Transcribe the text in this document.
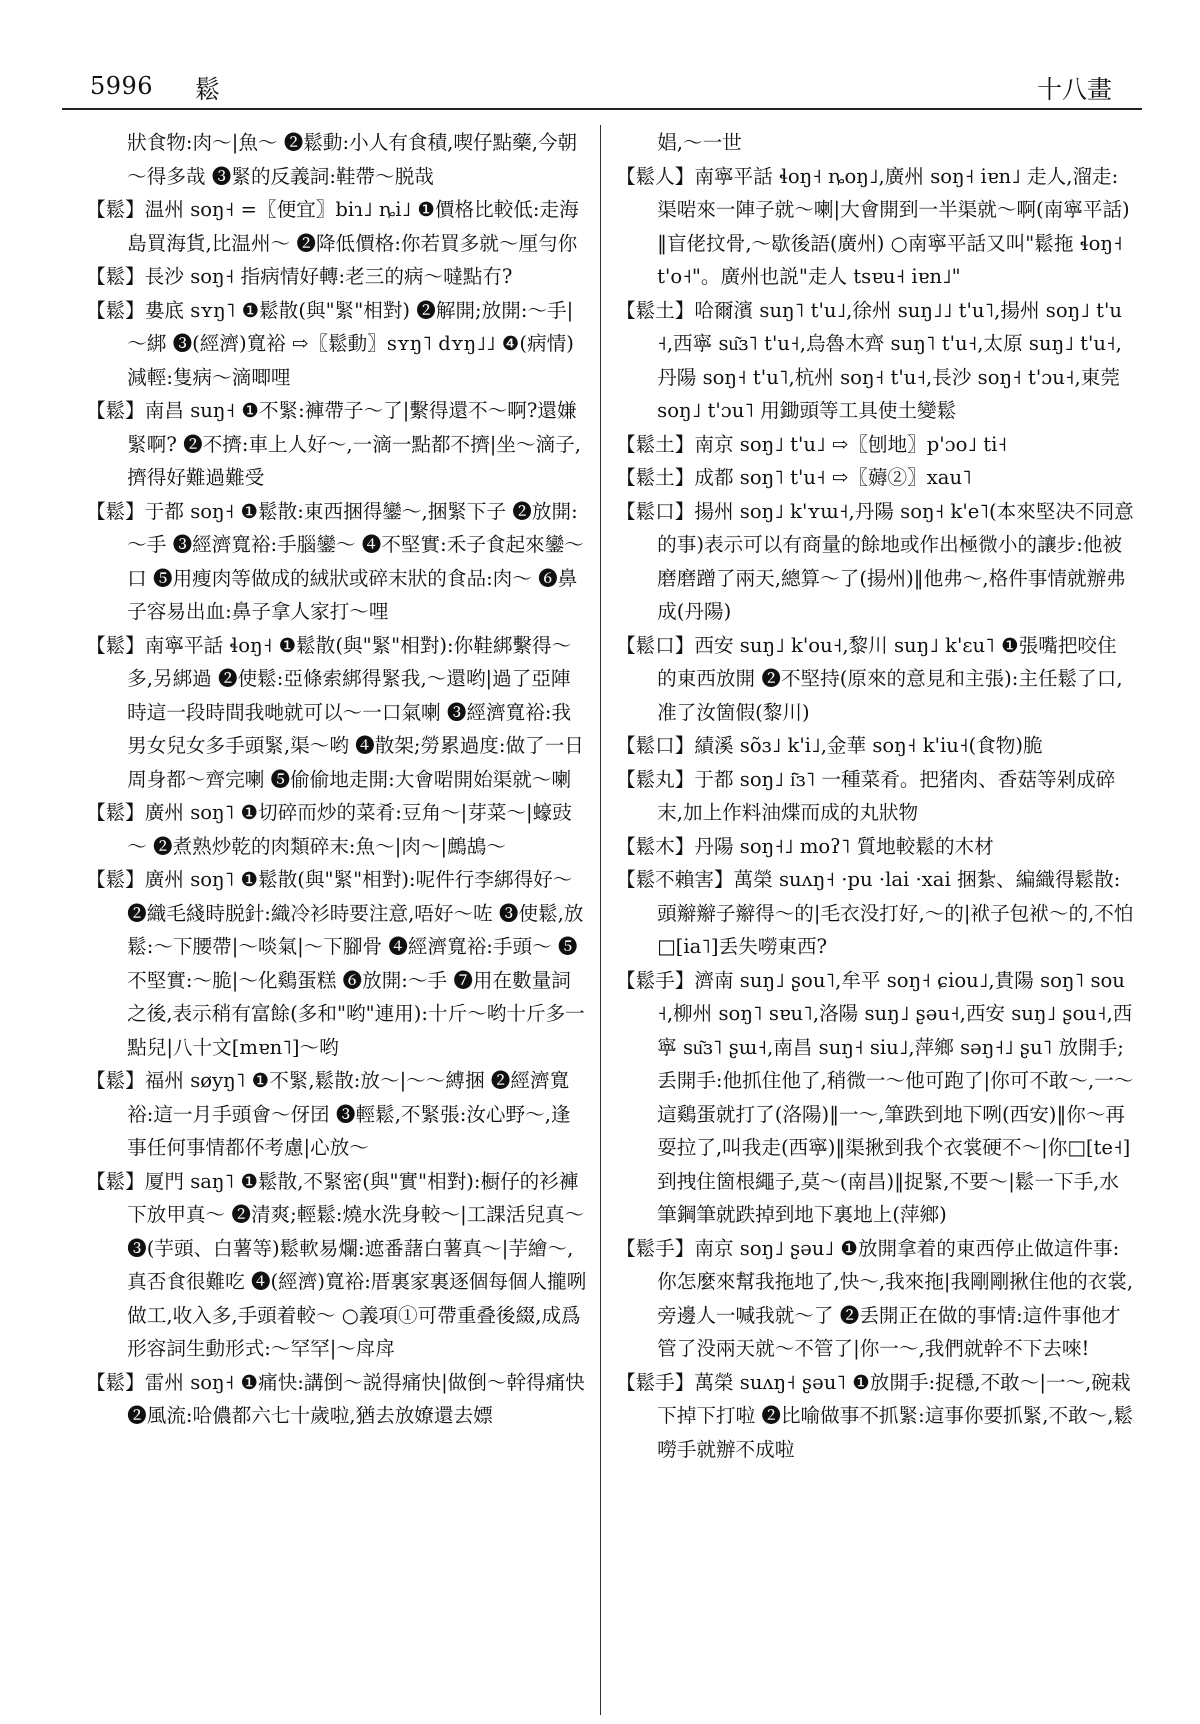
5996 鬆	十八畫

狀食物:肉～|魚～ ❷鬆動:小人有食積,喫仔點藥,今朝～得多哉 ❸緊的反義詞:鞋帶～脱哉

【鬆】温州 soŋ˧ =〖便宜〗biɿ˩ ȵi˩ ❶價格比較低:走海島買海貨,比温州～ ❷降低價格:你若買多就～厘勻你

【鬆】長沙 soŋ˧ 指病情好轉:老三的病～噠點冇?

【鬆】婁底 sʏŋ˥ ❶鬆散(與"緊"相對) ❷解開;放開:～手|～綁 ❸(經濟)寬裕 ⇨〖鬆動〗sʏŋ˥ dʏŋ˩˩ ❹(病情)減輕:隻病～滴唧哩

【鬆】南昌 suŋ˧ ❶不緊:褲帶子～了|繫得還不～啊?還嫌緊啊? ❷不擠:車上人好～,一滴一點都不擠|坐～滴子,擠得好難過難受

【鬆】于都 soŋ˧ ❶鬆散:東西捆得鑾～,捆緊下子 ❷放開:～手 ❸經濟寬裕:手腦鑾～ ❹不堅實:禾子食起來鑾～口 ❺用瘦肉等做成的絨狀或碎末狀的食品:肉～ ❻鼻子容易出血:鼻子拿人家打～哩

【鬆】南寧平話 ɬoŋ˧ ❶鬆散(與"緊"相對):你鞋綁繫得～多,另綁過 ❷使鬆:亞條索綁得緊我,～還哟|過了亞陣時這一段時間我哋就可以～一口氣喇 ❸經濟寬裕:我男女兒女多手頭緊,渠～哟 ❹散架;勞累過度:做了一日周身都～齊完喇 ❺偷偷地走開:大會啱開始渠就～喇

【鬆】廣州 soŋ˥ ❶切碎而炒的菜肴:豆角～|芽菜～|蠔豉～ ❷煮熟炒乾的肉類碎末:魚～|肉～|鷓鴣～

【鬆】廣州 soŋ˥ ❶鬆散(與"緊"相對):呢件行李綁得好～ ❷織毛綫時脱針:織冷衫時要注意,唔好～咗 ❸使鬆,放鬆:～下腰帶|～啖氣|～下腳骨 ❹經濟寬裕:手頭～ ❺不堅實:～脆|～化鷄蛋糕 ❻放開:～手 ❼用在數量詞之後,表示稍有富餘(多和"哟"連用):十斤～哟十斤多一點兒|八十文[mɐn˥]～哟

【鬆】福州 søyŋ˥ ❶不緊,鬆散:放～|～～縛捆 ❷經濟寬裕:這一月手頭會～伢囝 ❸輕鬆,不緊張:汝心野～,逢事任何事情都伓考慮|心放～

【鬆】厦門 saŋ˥ ❶鬆散,不緊密(與"實"相對):橱仔的衫褲下放甲真～ ❷清爽;輕鬆:燒水洗身較～|工課活兒真～ ❸(芋頭、白薯等)鬆軟易爛:遮番藷白薯真～|芋繪～,真否食很難吃 ❹(經濟)寬裕:厝裏家裏逐個每個人攏咧做工,收入多,手頭着較～ ○義項①可帶重叠後綴,成爲形容詞生動形式:～罕罕|～戽戽

【鬆】雷州 soŋ˧ ❶痛快:講倒～説得痛快|做倒～幹得痛快 ❷風流:哈儂都六七十歲啦,猶去放嫽還去嫖

娼,～一世

【鬆人】南寧平話 ɬoŋ˧ ȵoŋ˩,廣州 soŋ˧ iɐn˩ 走人,溜走:渠啱來一陣子就～喇|大會開到一半渠就～啊(南寧平話)‖盲佬抆骨,～歇後語(廣州) ○南寧平話又叫"鬆拖 ɬoŋ˧ t'o˧"。廣州也説"走人 tsɐu˧ iɐn˩"

【鬆土】哈爾濱 suŋ˥ t'u˩,徐州 suŋ˩˩ t'u˥,揚州 soŋ˩ t'u˧,西寧 su͂ɜ˥ t'u˧,烏魯木齊 suŋ˥ t'u˧,太原 suŋ˩ t'u˧,丹陽 soŋ˧ t'u˥,杭州 soŋ˧ t'u˧,長沙 soŋ˧ t'ɔu˧,東莞 soŋ˩ t'ɔu˥ 用鋤頭等工具使土變鬆

【鬆土】南京 soŋ˩ t'u˩ ⇨〖刨地〗p'ɔo˩ ti˧

【鬆土】成都 soŋ˥ t'u˧ ⇨〖薅②〗xau˥

【鬆口】揚州 soŋ˩ k'ʏɯ˧,丹陽 soŋ˧ k'e˥(本來堅决不同意的事)表示可以有商量的餘地或作出極微小的讓步:他被磨磨蹭了兩天,總算～了(揚州)‖他弗～,格件事情就辦弗成(丹陽)

【鬆口】西安 suŋ˩ k'ou˧,黎川 suŋ˩ k'ɛu˥ ❶張嘴把咬住的東西放開 ❷不堅持(原來的意見和主張):主任鬆了口,准了汝箇假(黎川)

【鬆口】績溪 sõɜ˩ k'i˩,金華 soŋ˧ k'iu˧(食物)脆

【鬆丸】于都 soŋ˩ i͂ɜ˥ 一種菜肴。把猪肉、香菇等剁成碎末,加上作料油煠而成的丸狀物

【鬆木】丹陽 soŋ˧˩ moʔ˥ 質地較鬆的木材

【鬆不賴害】萬榮 suʌŋ˧ ·pu ·lai ·xai 捆紮、編織得鬆散:頭辮辮子辮得～的|毛衣没打好,～的|袱子包袱～的,不怕□[ia˥]丢失嘮東西?

【鬆手】濟南 suŋ˩ ʂou˥,牟平 soŋ˧ ɕiou˩,貴陽 soŋ˥ sou˧,柳州 soŋ˥ sɐu˥,洛陽 suŋ˩ ʂəu˧,西安 suŋ˩ ʂou˧,西寧 su͂ɜ˥ ʂɯ˧,南昌 suŋ˧ siu˩,萍鄉 səŋ˧˩ ʂu˥ 放開手;丢開手:他抓住他了,稍微一～他可跑了|你可不敢～,一～這鷄蛋就打了(洛陽)‖一～,筆跌到地下咧(西安)‖你～再耍拉了,叫我走(西寧)‖渠揪到我个衣裳硬不～|你□[te˧]到拽住箇根繩子,莫～(南昌)‖捉緊,不要～|鬆一下手,水筆鋼筆就跌掉到地下裏地上(萍鄉)

【鬆手】南京 soŋ˩ ʂəu˩ ❶放開拿着的東西停止做這件事:你怎麼來幫我拖地了,快～,我來拖|我剛剛揪住他的衣裳,旁邊人一喊我就～了 ❷丢開正在做的事情:這件事他才管了没兩天就～不管了|你一～,我們就幹不下去唻!

【鬆手】萬榮 suʌŋ˧ ʂəu˥ ❶放開手:捉穩,不敢～|一～,碗栽下掉下打啦 ❷比喻做事不抓緊:這事你要抓緊,不敢～,鬆嘮手就辦不成啦
